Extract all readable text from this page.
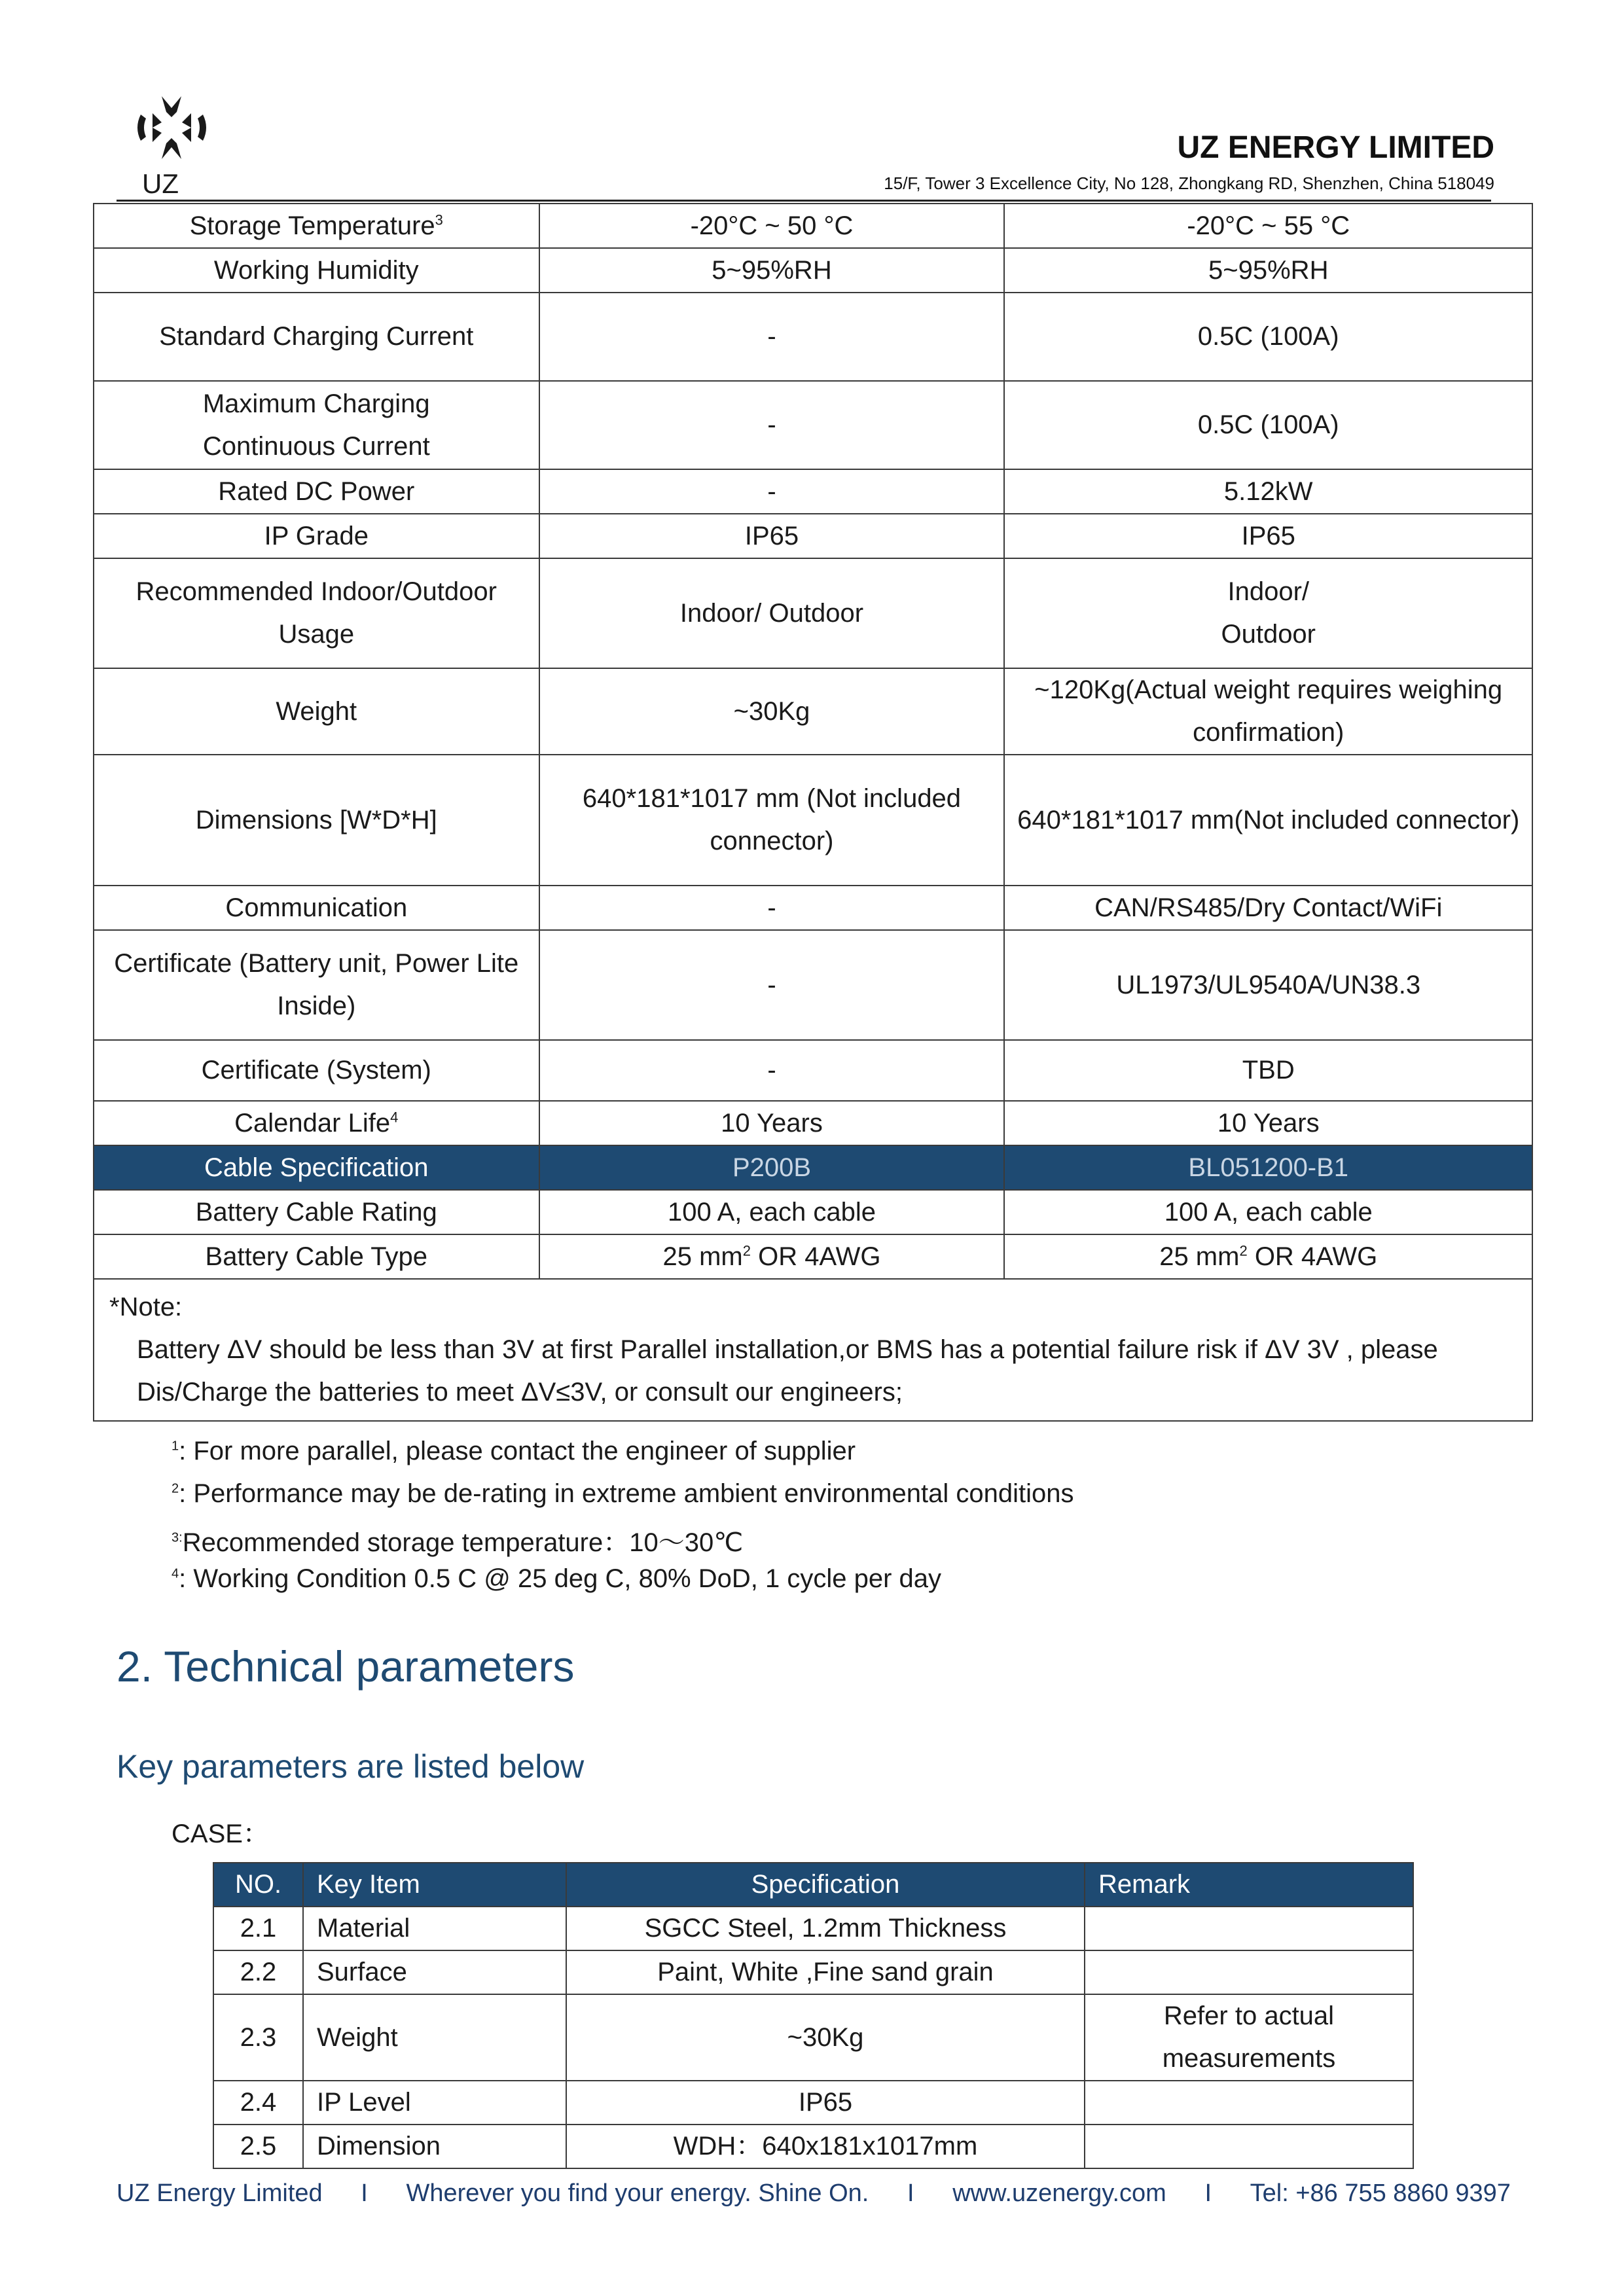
UZ
UZ ENERGY LIMITED
15/F, Tower 3 Excellence City, No 128, Zhongkang RD, Shenzhen, China 518049
Storage Temperature$^3$	-20°C ~ 50 °C	-20°C ~ 55 °C
Working Humidity	5~95%RH	5~95%RH
Standard Charging Current	-	0.5C (100A)
Maximum Charging Continuous Current	-	0.5C (100A)
Rated DC Power	-	5.12kW
IP Grade	IP65	IP65
Recommended Indoor/Outdoor Usage	Indoor/ Outdoor	Indoor/ Outdoor
Weight	~30Kg	~120Kg(Actual weight requires weighing confirmation)
Dimensions [W*D*H]	640*181*1017 mm (Not included connector)	640*181*1017 mm(Not included connector)
Communication	-	CAN/RS485/Dry Contact/WiFi
Certificate (Battery unit, Power Lite Inside)	-	UL1973/UL9540A/UN38.3
Certificate (System)	-	TBD
Calendar Life$^4$	10 Years	10 Years
Cable Specification	P200B	BL051200-B1
Battery Cable Rating	100 A, each cable	100 A, each cable
Battery Cable Type	25 $mm^2$ OR 4AWG	25 $mm^2$ OR 4AWG

*Note:
Battery ΔV should be less than 3V at first Parallel installation,or BMS has a potential failure risk if ΔV 3V , please Dis/Charge the batteries to meet ΔV≤3V, or consult our engineers;		
$^1$: For more parallel, please contact the engineer of supplier
$^2$: Performance may be de-rating in extreme ambient environmental conditions
$^{3:}$Recommended storage temperature：10～30℃
$^4$: Working Condition 0.5 C @ 25 deg C, 80% DoD, 1 cycle per day
2. Technical parameters
Key parameters are listed below
CASE：
NO.	Key Item	Specification	Remark
2.1	Material	SGCC Steel, 1.2mm Thickness	
2.2	Surface	Paint, White ,Fine sand grain	
2.3	Weight	~30Kg	Refer to actual measurements
2.4	IP Level	IP65	
2.5	Dimension	WDH：640x181x1017mm	
UZ Energy Limited I Wherever you find your energy. Shine On. I www.uzenergy.com I Tel: +86 755 8860 9397
